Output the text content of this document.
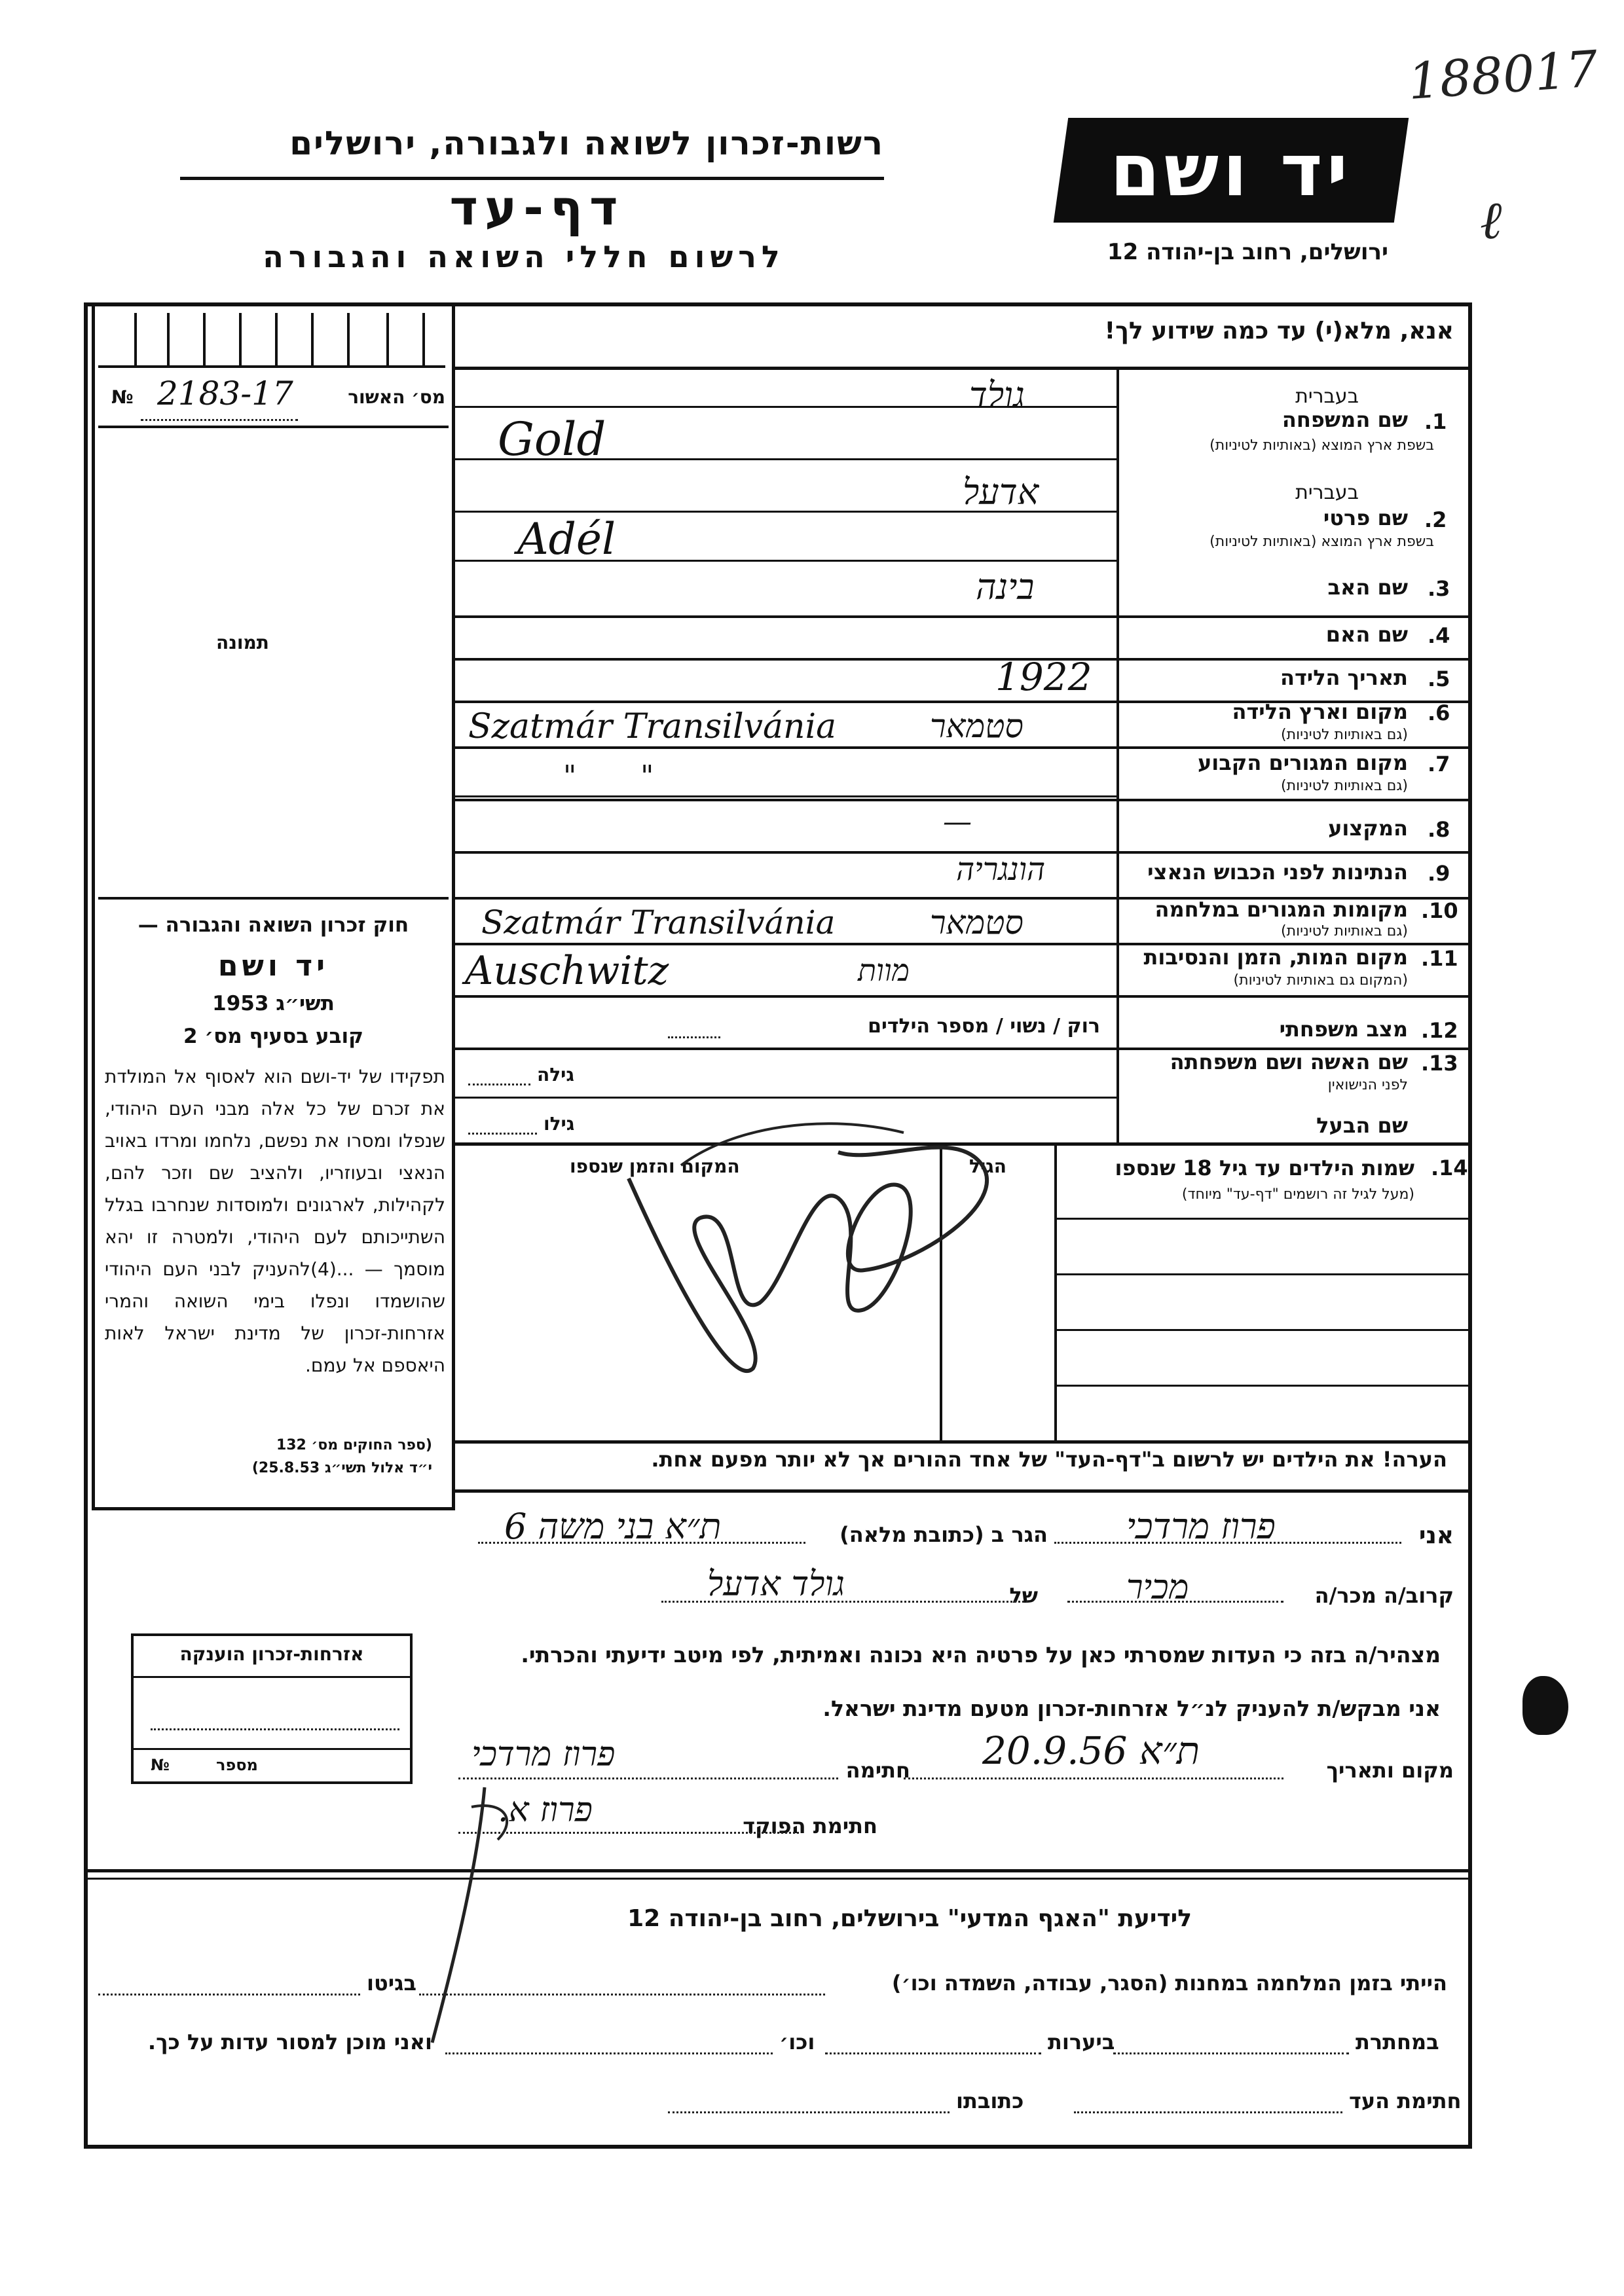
188017
ℓ
רשות-זכרון לשואה ולגבורה, ירושלים
דף-עד
לרשום חללי השואה והגבורה
יד ושם
ירושלים, רחוב בן-יהודה 12
מס׳ האשור
№ 2183-17
תמונה
חוק זכרון השואה והגבורה —
יד ושם
תשי״ג 1953
קובע בסעיף מס׳ 2
תפקידו של יד-ושם הוא לאסוף אל המולדת את זכרם של כל אלה מבני העם היהודי, שנפלו ומסרו את נפשם, נלחמו ומרדו באויב הנאצי ובעוזריו, ולהציב שם וזכר להם, לקהילות, לארגונים ולמוסדות שנחרבו בגלל השתייכותם לעם היהודי, ולמטרה זו יהא מוסמך — ...(4)להעניק לבני העם היהודי שהושמדו ונפלו בימי השואה והמרי אזרחות-זכרון של מדינת ישראל לאות היאספם אל עמם.
(ספר החוקים מס׳ 132
י״ד אלול תשי״ג 25.8.53)
אזרחות-זכרון הוענקה
מספר
№
אנא, מלא(י) עד כמה שידוע לך!
1.
שם המשפחה
בעברית
בשפת ארץ המוצא (באותיות לטיניות)
גולד
Gold
2.
שם פרטי
בעברית
בשפת ארץ המוצא (באותיות לטיניות)
אדעל
Adél
3.
שם האב
בינה
4.
שם האם
5.
תאריך הלידה
1922
6.
מקום וארץ הלידה
(גם באותיות לטיניות)
סטמאר
Szatmár Transilvánia
7.
מקום המגורים הקבוע
(גם באותיות לטיניות)
"       "
8.
המקצוע
—
9.
הנתינות לפני הכבוש הנאצי
הונגריה
10.
מקומות המגורים במלחמה
(גם באותיות לטיניות)
סטמאר
Szatmár Transilvánia
11.
מקום המות, הזמן והנסיבות
(המקום גם באותיות לטיניות)
מוות
Auschwitz
12.
מצב משפחתי
רוק / נשוי / מספר הילדים
13.
שם האשה ושם משפחתה
לפני הנישואין
גילה
שם הבעל
גילו
14.
שמות הילדים עד גיל 18 שנספו
(מעל לגיל זה רושמים "דף-עד" מיוחד)
הגיל
המקום והזמן שנספו
הערה! את הילדים יש לרשום ב"דף-העד" של אחד ההורים אך לא יותר מפעם אחת.
אני
פרוז מרדכי
הגר ב (כתובת מלאה)
ת״א בני משה 6
קרוב/ה מכר/ה
מכיר
של
גולד אדעל
מצהיר/ה בזה כי העדות שמסרתי כאן על פרטיה היא נכונה ואמיתית, לפי מיטב ידיעתי והכרתי.
אני מבקש/ת להעניק לנ״ל אזרחות-זכרון מטעם מדינת ישראל.
מקום ותאריך
ת״א 20.9.56
חתימה
פרוז מרדכי
חתימת הפוקד
פרוז א.
לידיעת "האגף המדעי" בירושלים, רחוב בן-יהודה 12
הייתי בזמן המלחמה במחנות (הסגר, עבודה, השמדה וכו׳)
בגיטו
במחתרת
ביערות
וכו׳
ואני מוכן למסור עדות על כך.
חתימת העד
כתובתו
